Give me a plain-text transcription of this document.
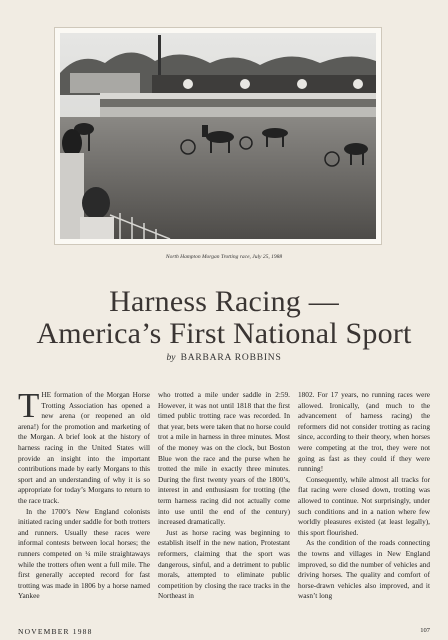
North Hampton Morgan Trotting race, July 25, 1988
Harness Racing —
America’s First National Sport
by BARBARA ROBBINS

THE formation of the Morgan Horse Trotting Association has opened a new arena (or reopened an old arena!) for the promotion and marketing of the Morgan. A brief look at the history of harness racing in the United States will provide an insight into the important contributions made by early Morgans to this sport and an understanding of why it is so appropriate for today’s Morgans to return to the race track.

In the 1700’s New England colonists initiated racing under saddle for both trotters and runners. Usually these races were informal contests between local horses; the runners competed on ¼ mile straightaways while the trotters often went a full mile. The first generally accepted record for fast trotting was made in 1806 by a horse named Yankee

who trotted a mile under saddle in 2:59. However, it was not until 1818 that the first timed public trotting race was recorded. In that year, bets were taken that no horse could trot a mile in harness in three minutes. Most of the money was on the clock, but Boston Blue won the race and the purse when he trotted the mile in exactly three minutes. During the first twenty years of the 1800’s, interest in and enthusiasm for trotting (the term harness racing did not actually come into use until the end of the century) increased dramatically.

Just as horse racing was beginning to establish itself in the new nation, Protestant reformers, claiming that the sport was dangerous, sinful, and a detriment to public morals, attempted to eliminate public competition by closing the race tracks in the Northeast in

1802. For 17 years, no running races were allowed. Ironically, (and much to the advancement of harness racing) the reformers did not consider trotting as racing since, according to their theory, when horses were competing at the trot, they were not going as fast as they could if they were running!

Consequently, while almost all tracks for flat racing were closed down, trotting was allowed to continue. Not surprisingly, under such conditions and in a nation where few worldly pleasures existed (at least legally), this sport flourished.

As the condition of the roads connecting the towns and villages in New England improved, so did the number of vehicles and driving horses. The quality and comfort of horse-drawn vehicles also improved, and it wasn’t long

NOVEMBER 1988	107
